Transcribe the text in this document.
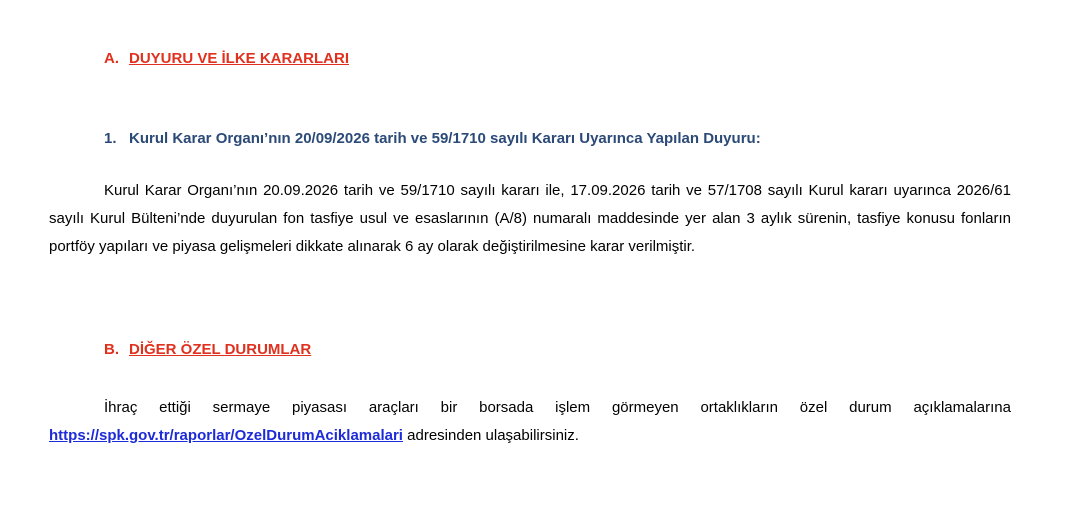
A. DUYURU VE İLKE KARARLARI
1. Kurul Karar Organı’nın 20/09/2026 tarih ve 59/1710 sayılı Kararı Uyarınca Yapılan Duyuru:

Kurul Karar Organı’nın 20.09.2026 tarih ve 59/1710 sayılı kararı ile, 17.09.2026 tarih ve 57/1708 sayılı Kurul kararı uyarınca 2026/61 sayılı Kurul Bülteni’nde duyurulan fon tasfiye usul ve esaslarının (A/8) numaralı maddesinde yer alan 3 aylık sürenin, tasfiye konusu fonların portföy yapıları ve piyasa gelişmeleri dikkate alınarak 6 ay olarak değiştirilmesine karar verilmiştir.

B. DİĞER ÖZEL DURUMLAR

İhraç ettiği sermaye piyasası araçları bir borsada işlem görmeyen ortaklıkların özel durum açıklamalarına https://spk.gov.tr/raporlar/OzelDurumAciklamalari adresinden ulaşabilirsiniz.
